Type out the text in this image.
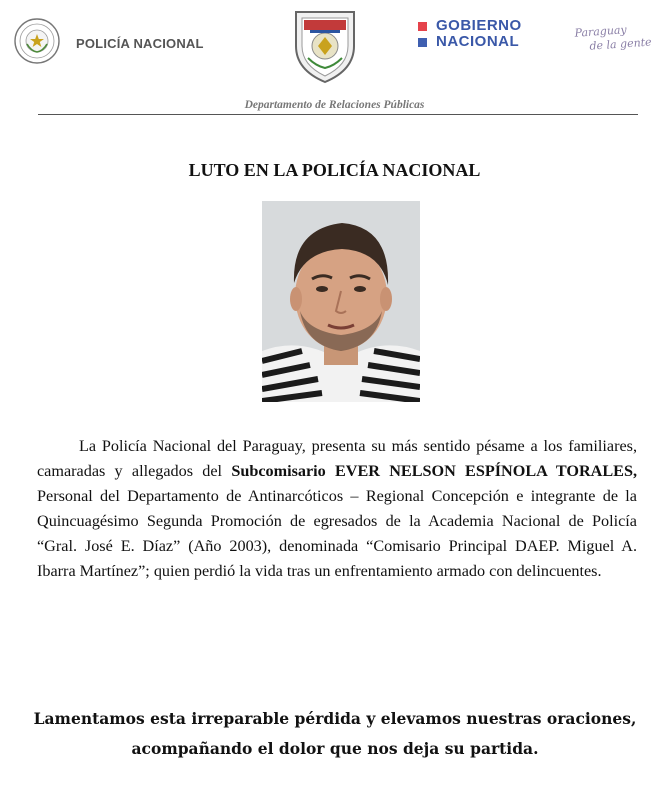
POLICÍA NACIONAL
GOBIERNO
NACIONAL
Paraguay
de la gente
Departamento de Relaciones Públicas
LUTO EN LA POLICÍA NACIONAL
La Policía Nacional del Paraguay, presenta su más sentido pésame a los familiares, camaradas y allegados del Subcomisario EVER NELSON ESPÍNOLA TORALES, Personal del Departamento de Antinarcóticos – Regional Concepción e integrante de la Quincuagésimo Segunda Promoción de egresados de la Academia Nacional de Policía “Gral. José E. Díaz” (Año 2003), denominada “Comisario Principal DAEP. Miguel A. Ibarra Martínez”; quien perdió la vida tras un enfrentamiento armado con delincuentes.
Lamentamos esta irreparable pérdida y elevamos nuestras oraciones, acompañando el dolor que nos deja su partida.
